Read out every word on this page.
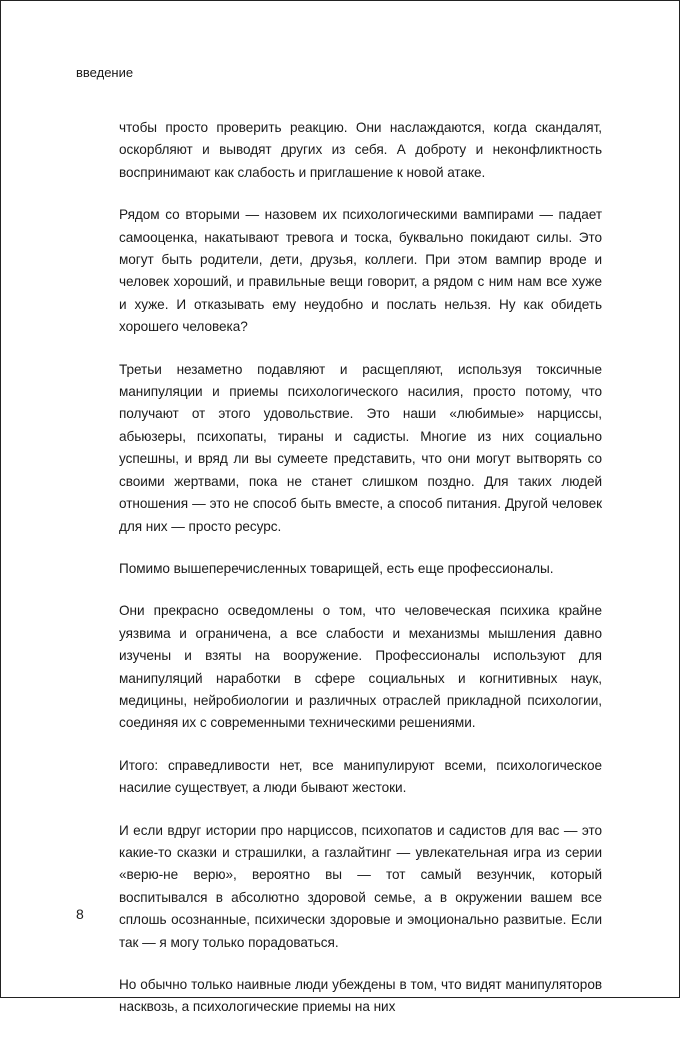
введение

чтобы просто проверить реакцию. Они наслаждаются, когда скандалят, оскорбляют и выводят других из себя. А доброту и неконфликтность воспринимают как слабость и приглашение к новой атаке.

Рядом со вторыми — назовем их психологическими вампирами — падает самооценка, накатывают тревога и тоска, буквально покидают силы. Это могут быть родители, дети, друзья, коллеги. При этом вампир вроде и человек хороший, и правильные вещи говорит, а рядом с ним нам все хуже и хуже. И отказывать ему неудобно и послать нельзя. Ну как обидеть хорошего человека?

Третьи незаметно подавляют и расщепляют, используя токсичные манипуляции и приемы психологического насилия, просто потому, что получают от этого удовольствие. Это наши «любимые» нарциссы, абьюзеры, психопаты, тираны и садисты. Многие из них социально успешны, и вряд ли вы сумеете представить, что они могут вытворять со своими жертвами, пока не станет слишком поздно. Для таких людей отношения — это не способ быть вместе, а способ питания. Другой человек для них — просто ресурс.

Помимо вышеперечисленных товарищей, есть еще профессионалы.

Они прекрасно осведомлены о том, что человеческая психика крайне уязвима и ограничена, а все слабости и механизмы мышления давно изучены и взяты на вооружение. Профессионалы используют для манипуляций наработки в сфере социальных и когнитивных наук, медицины, нейробиологии и различных отраслей прикладной психологии, соединяя их с современными техническими решениями.

Итого: справедливости нет, все манипулируют всеми, психологическое насилие существует, а люди бывают жестоки.

И если вдруг истории про нарциссов, психопатов и садистов для вас — это какие-то сказки и страшилки, а газлайтинг — увлекательная игра из серии «верю-не верю», вероятно вы — тот самый везунчик, который воспитывался в абсолютно здоровой семье, а в окружении вашем все сплошь осознанные, психически здоровые и эмоционально развитые. Если так — я могу только порадоваться.

Но обычно только наивные люди убеждены в том, что видят манипуляторов насквозь, а психологические приемы на них

8
